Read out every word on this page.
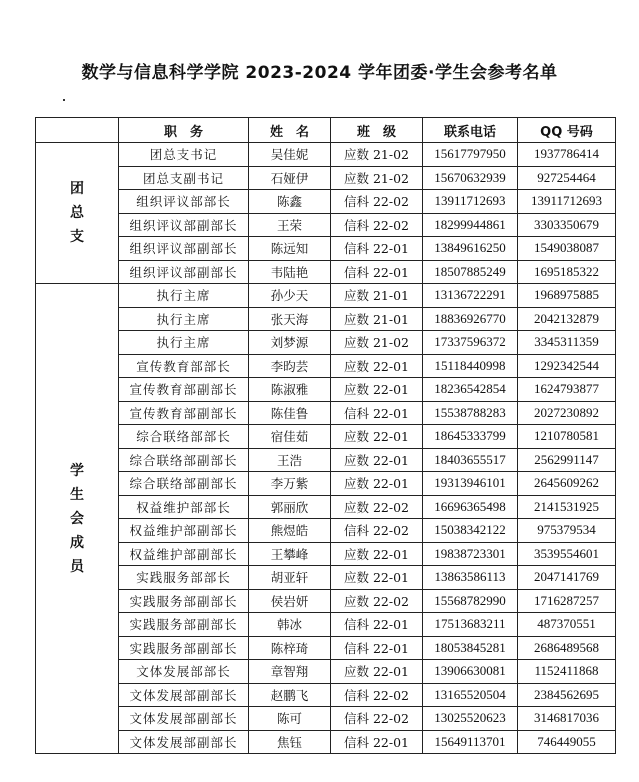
数学与信息科学学院 2023-2024 学年团委·学生会参考名单
	职　务	姓　名	班　级	联系电话	QQ 号码

团总支	团总支书记	吴佳妮	应数 21-02	15617797950	1937786414
	团总支副书记	石娅伊	应数 21-02	15670632939	927254464
	组织评议部部长	陈鑫	信科 22-02	13911712693	13911712693
	组织评议部副部长	王荣	信科 22-02	18299944861	3303350679
	组织评议部副部长	陈远知	信科 22-01	13849616250	1549038087
	组织评议部副部长	韦陆艳	信科 22-01	18507885249	1695185322

学生会成员	执行主席	孙少天	应数 21-01	13136722291	1968975885
	执行主席	张天海	应数 21-01	18836926770	2042132879
	执行主席	刘梦源	应数 21-02	17337596372	3345311359
	宣传教育部部长	李昀芸	应数 22-01	15118440998	1292342544
	宣传教育部副部长	陈淑雅	应数 22-01	18236542854	1624793877
	宣传教育部副部长	陈佳鲁	信科 22-01	15538788283	2027230892
	综合联络部部长	宿佳茹	应数 22-01	18645333799	1210780581
	综合联络部副部长	王浩	应数 22-01	18403655517	2562991147
	综合联络部副部长	李万紫	应数 22-01	19313946101	2645609262
	权益维护部部长	郭丽欣	应数 22-02	16696365498	2141531925
	权益维护部副部长	熊煜皓	信科 22-02	15038342122	975379534
	权益维护部副部长	王攀峰	应数 22-01	19838723301	3539554601
	实践服务部部长	胡亚轩	应数 22-01	13863586113	2047141769
	实践服务部副部长	侯岩妍	应数 22-02	15568782990	1716287257
	实践服务部副部长	韩冰	信科 22-01	17513683211	487370551
	实践服务部副部长	陈梓琦	信科 22-01	18053845281	2686489568
	文体发展部部长	章智翔	应数 22-01	13906630081	1152411868
	文体发展部副部长	赵鹏飞	信科 22-02	13165520504	2384562695
	文体发展部副部长	陈可	信科 22-02	13025520623	3146817036
	文体发展部副部长	焦钰	信科 22-01	15649113701	746449055
